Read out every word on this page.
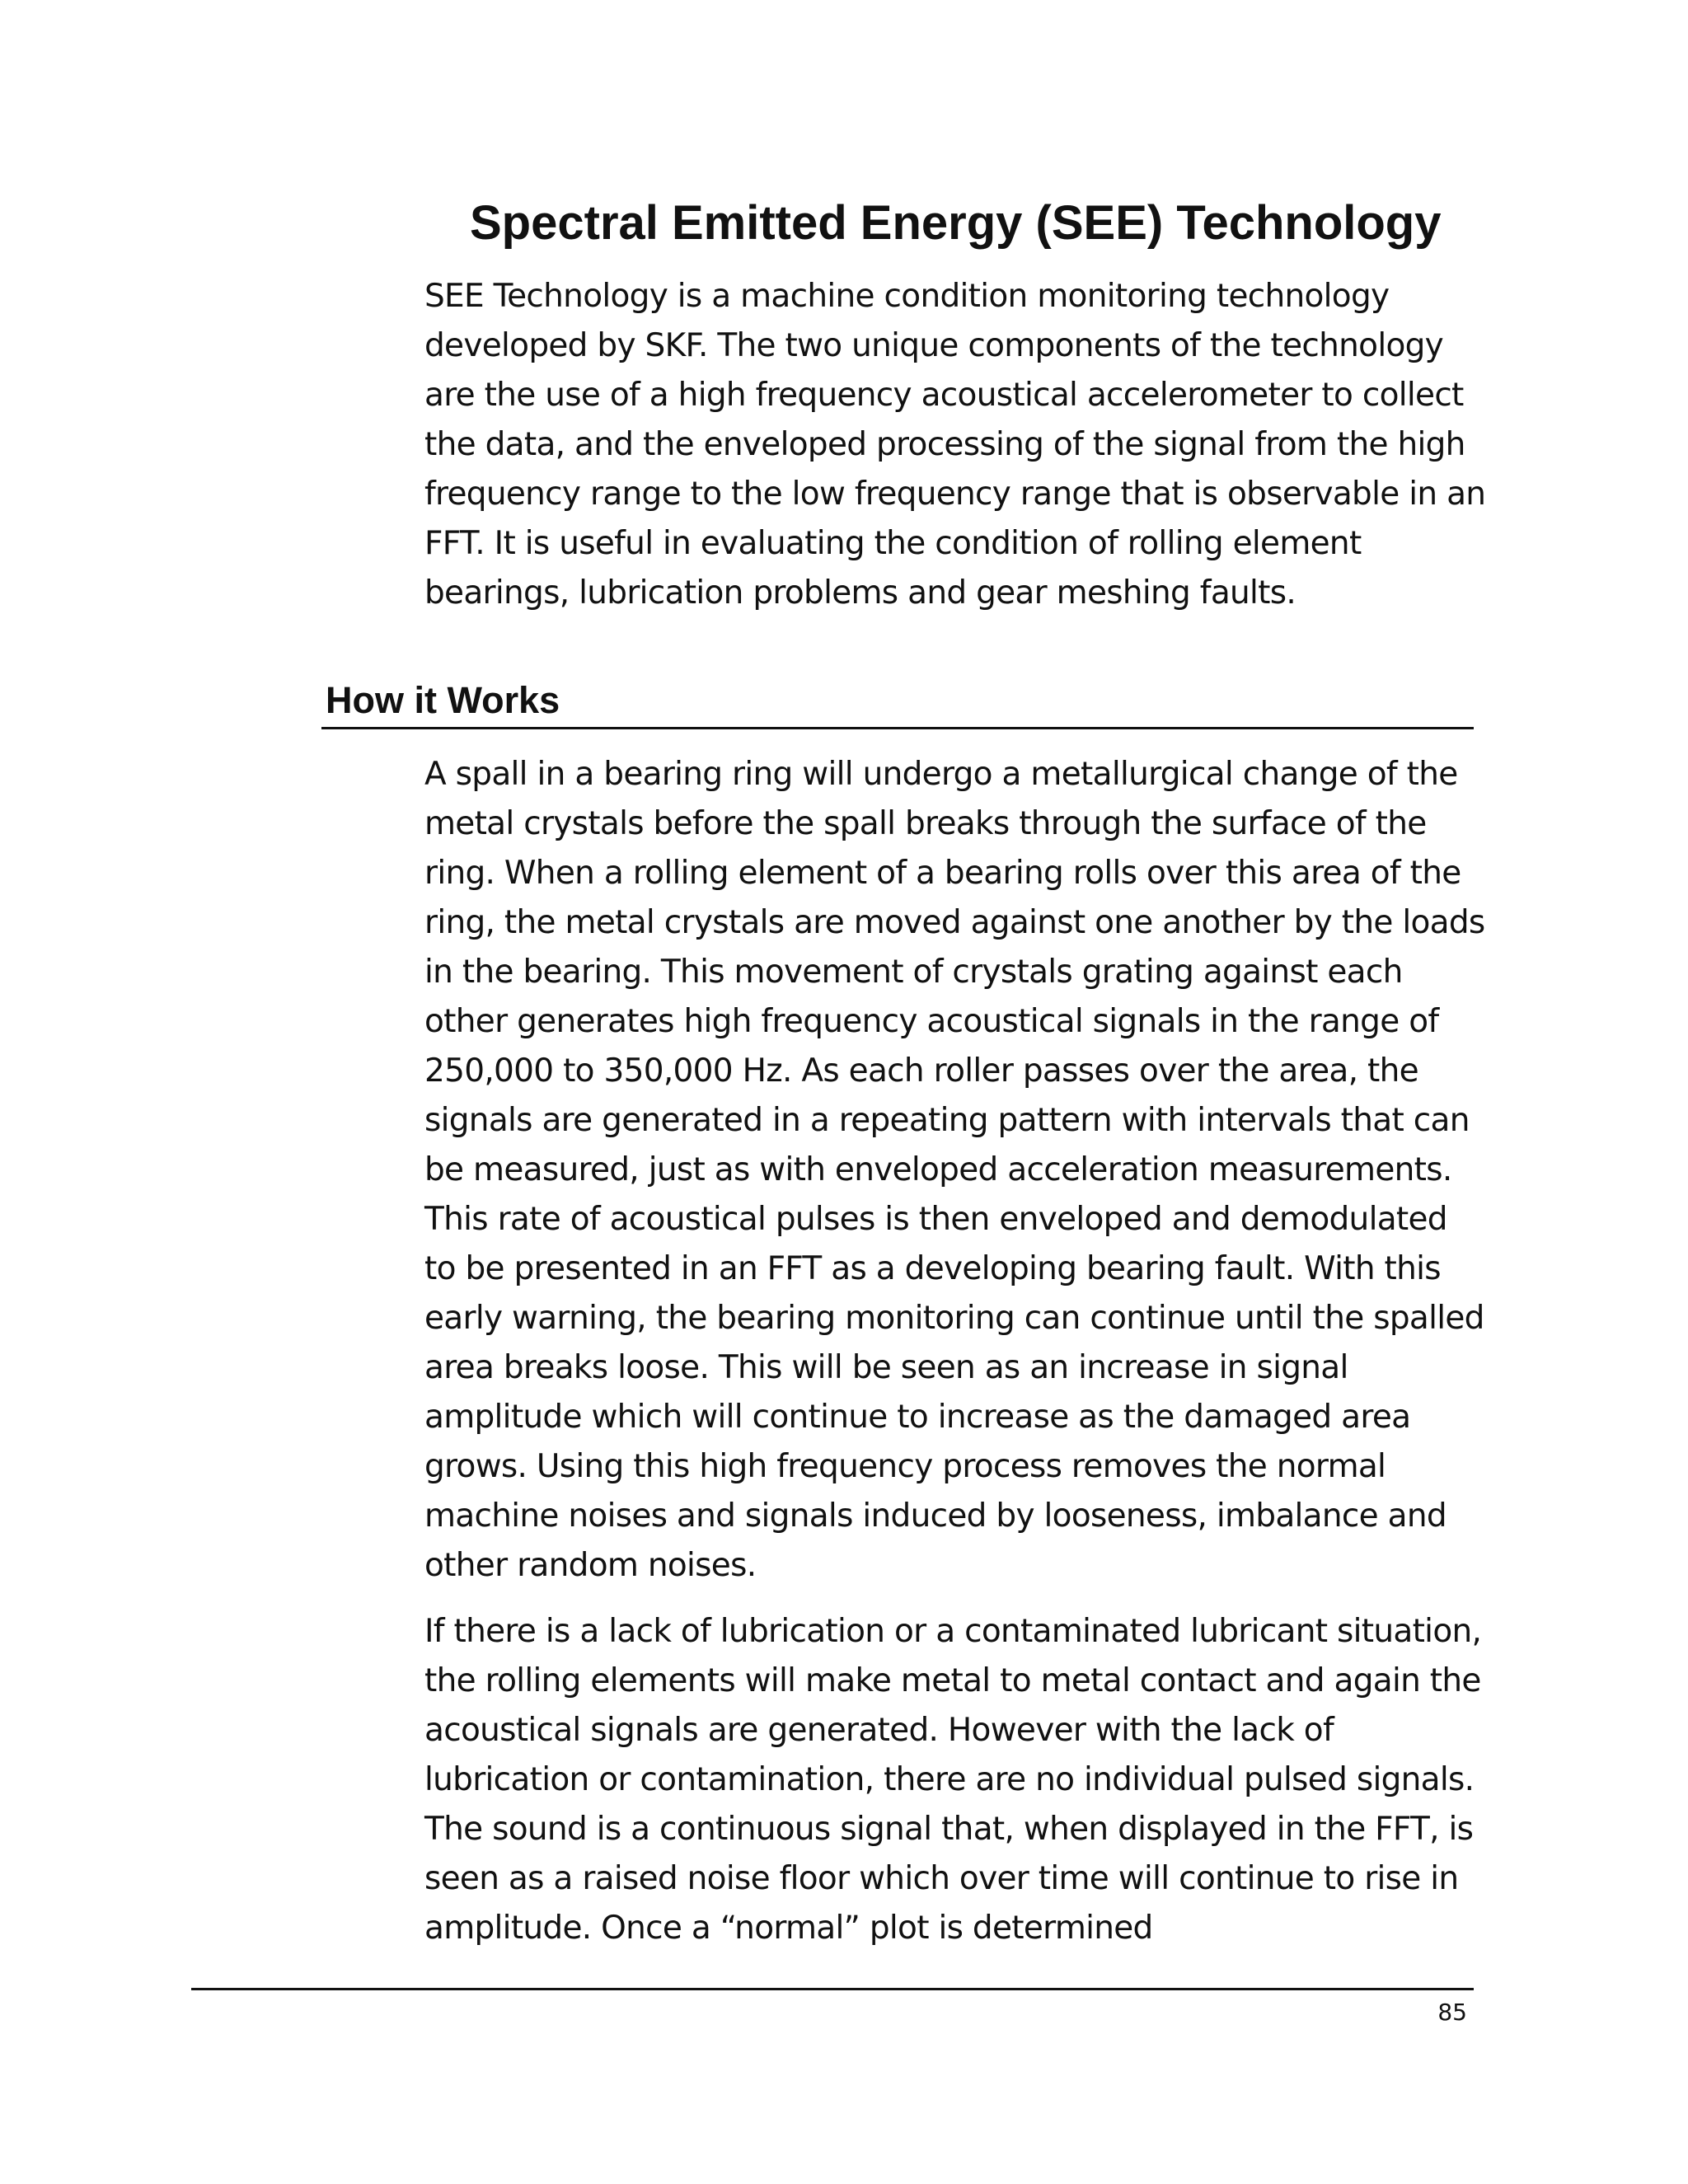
Spectral Emitted Energy (SEE) Technology

SEE Technology is a machine condition monitoring technology developed by SKF. The two unique components of the technology are the use of a high frequency acoustical accelerometer to collect the data, and the enveloped processing of the signal from the high frequency range to the low frequency range that is observable in an FFT. It is useful in evaluating the condition of rolling element bearings, lubrication problems and gear meshing faults.

How it Works

A spall in a bearing ring will undergo a metallurgical change of the metal crystals before the spall breaks through the surface of the ring. When a rolling element of a bearing rolls over this area of the ring, the metal crystals are moved against one another by the loads in the bearing. This movement of crystals grating against each other generates high frequency acoustical signals in the range of 250,000 to 350,000 Hz. As each roller passes over the area, the signals are generated in a repeating pattern with intervals that can be measured, just as with enveloped acceleration measurements. This rate of acoustical pulses is then enveloped and demodulated to be presented in an FFT as a developing bearing fault. With this early warning, the bearing monitoring can continue until the spalled area breaks loose. This will be seen as an increase in signal amplitude which will continue to increase as the damaged area grows. Using this high frequency process removes the normal machine noises and signals induced by looseness, imbalance and other random noises.

If there is a lack of lubrication or a contaminated lubricant situation, the rolling elements will make metal to metal contact and again the acoustical signals are generated. However with the lack of lubrication or contamination, there are no individual pulsed signals. The sound is a continuous signal that, when displayed in the FFT, is seen as a raised noise floor which over time will continue to rise in amplitude. Once a “normal” plot is determined

85
